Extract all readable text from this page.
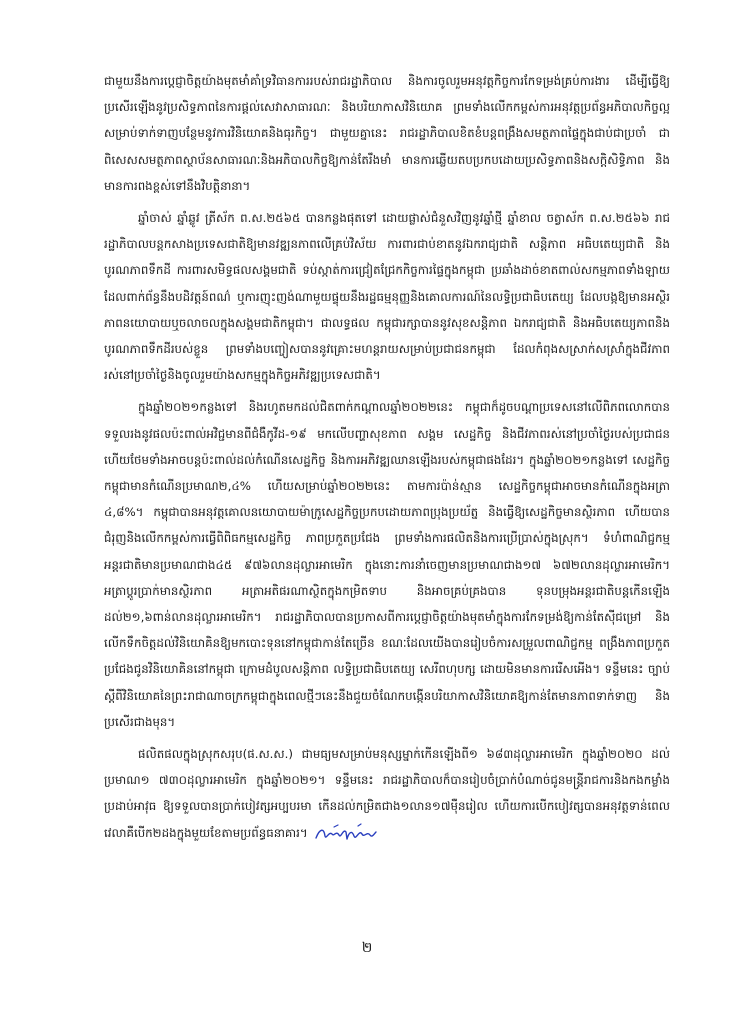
ជាមួយនឹងការប្តេជ្ញាចិត្តយ៉ាងមុតមាំគាំទ្រវិធានការរបស់រាជរដ្ឋាភិបាល និងការចូលរួមអនុវត្តកិច្ចការកែទម្រង់គ្រប់ការងារ ដើម្បីធ្វើឱ្យប្រសើរឡើងនូវប្រសិទ្ធភាពនៃការផ្តល់សេវាសាធារណៈ និងបរិយាកាសវិនិយោគ ព្រមទាំងលើកកម្ពស់ការអនុវត្តប្រព័ន្ធអភិបាលកិច្ចល្អ សម្រាប់ទាក់ទាញបន្ថែមនូវការវិនិយោគនិងធុរកិច្ច។ ជាមួយគ្នានេះ រាជរដ្ឋាភិបាលខិតខំបន្តពង្រឹងសមត្ថភាពផ្ទៃក្នុងជាប់ជាប្រចាំ ជាពិសេសសមត្ថភាពស្ថាប័នសាធារណៈនិងអភិបាលកិច្ចឱ្យកាន់តែរឹងមាំ មានការឆ្លើយតបប្រកបដោយប្រសិទ្ធភាពនិងសក្តិសិទ្ធិភាព និងមានការពងខ្ពស់ទៅនឹងវិបត្តិនានា។

ឆ្នាំចាស់ ឆ្នាំឆ្លូវ ត្រីស័ក ព.ស.២៥៦៥ បានកន្លងផុតទៅ ដោយផ្លាស់ជំនួសវិញនូវឆ្នាំថ្មី ឆ្នាំខាល ចត្វាស័ក ព.ស.២៥៦៦ រាជរដ្ឋាភិបាលបន្តកសាងប្រទេសជាតិឱ្យមានវឌ្ឍនភាពលើគ្រប់វិស័យ ការពារជាប់ខាតនូវឯករាជ្យជាតិ សន្តិភាព អធិបតេយ្យជាតិ និងបូរណភាពទឹកដី ការពារសមិទ្ធផលសង្គមជាតិ ទប់ស្កាត់ការជ្រៀតជ្រែកកិច្ចការផ្ទៃក្នុងកម្ពុជា ប្រឆាំងដាច់ខាតពាល់សកម្មភាពទាំងឡាយដែលពាក់ព័ន្ធនឹងបដិវត្តន៍ពណ៌ ឬការញុះញង់ណាមួយផ្ទុយនឹងរដ្ឋធម្មនុញ្ញនិងគោលការណ៍នៃលទ្ធិប្រជាធិបតេយ្យ ដែលបង្កឱ្យមានអស្ថិរភាពនយោបាយឬចលាចលក្នុងសង្គមជាតិកម្ពុជា។ ជាលទ្ធផល កម្ពុជារក្សាបាននូវសុខសន្តិភាព ឯករាជ្យជាតិ និងអធិបតេយ្យភាពនិងបូរណភាពទឹកដីរបស់ខ្លួន ព្រមទាំងបញ្ចៀសបាននូវគ្រោះមហន្តរាយសម្រាប់ប្រជាជនកម្ពុជា ដែលកំពុងសស្រាក់សស្រាំក្នុងជីវភាពរស់នៅប្រចាំថ្ងៃនិងចូលរួមយ៉ាងសកម្មក្នុងកិច្ចអភិវឌ្ឍប្រទេសជាតិ។

ក្នុងឆ្នាំ២០២១កន្លងទៅ និងរហូតមកដល់ជិតពាក់កណ្តាលឆ្នាំ២០២២នេះ កម្ពុជាក៏ដូចបណ្តាប្រទេសនៅលើពិភពលោកបានទទួលរងនូវផលប៉ះពាល់អវិជ្ជមានពីជំងឺកូវីដ-១៩ មកលើបញ្ហាសុខភាព សង្គម សេដ្ឋកិច្ច និងជីវភាពរស់នៅប្រចាំថ្ងៃរបស់ប្រជាជន ហើយថែមទាំងអាចបន្តប៉ះពាល់ដល់កំណើនសេដ្ឋកិច្ច និងការអភិវឌ្ឍឈានឡើងរបស់កម្ពុជាផងដែរ។ ក្នុងឆ្នាំ២០២១កន្លងទៅ សេដ្ឋកិច្ចកម្ពុជាមានកំណើនប្រមាណ២,៤% ហើយសម្រាប់ឆ្នាំ២០២២នេះ តាមការប៉ាន់ស្មាន សេដ្ឋកិច្ចកម្ពុជាអាចមានកំណើនក្នុងអត្រា ៤,៨%។ កម្ពុជាបានអនុវត្តគោលនយោបាយម៉ាក្រូសេដ្ឋកិច្ចប្រកបដោយភាពប្រុងប្រយ័ត្ន និងធ្វើឱ្យសេដ្ឋកិច្ចមានស្ថិរភាព ហើយបានជំរុញនិងលើកកម្ពស់ការធ្វើពិពិធកម្មសេដ្ឋកិច្ច ភាពប្រកួតប្រជែង ព្រមទាំងការផលិតនិងការប្រើប្រាស់ក្នុងស្រុក។ ទំហំពាណិជ្ជកម្មអន្តរជាតិមានប្រមាណជាង៤៥ ៩៧៦លានដុល្លារអាមេរិក ក្នុងនោះការនាំចេញមានប្រមាណជាង១៧ ៦៧២លានដុល្លារអាមេរិក។ អត្រាប្តូរប្រាក់មានស្ថិរភាព អត្រាអតិផរណាស្ថិតក្នុងកម្រិតទាប និងអាចគ្រប់គ្រងបាន ទុនបម្រុងអន្តរជាតិបន្តកើនឡើងដល់២១,៦ពាន់លានដុល្លារអាមេរិក។ រាជរដ្ឋាភិបាលបានប្រកាសពីការប្តេជ្ញាចិត្តយ៉ាងមុតមាំក្នុងការកែទម្រង់ឱ្យកាន់តែស៊ីជម្រៅ និងលើកទឹកចិត្តដល់វិនិយោគិនឱ្យមកបោះទុននៅកម្ពុជាកាន់តែច្រើន ខណៈដែលយើងបានរៀបចំការសម្រួលពាណិជ្ជកម្ម ពង្រឹងភាពប្រកួតប្រជែងជូនវិនិយោគិននៅកម្ពុជា ក្រោមដំបូលសន្តិភាព លទ្ធិប្រជាធិបតេយ្យ សេរីពហុបក្ស ដោយមិនមានការរើសអើង។ ទន្ទឹមនេះ ច្បាប់ស្តីពីវិនិយោគនៃព្រះរាជាណាចក្រកម្ពុជាក្នុងពេលថ្មីៗនេះនឹងជួយចំណែកបង្កើនបរិយាកាសវិនិយោគឱ្យកាន់តែមានភាពទាក់ទាញ និងប្រសើរជាងមុន។

ផលិតផលក្នុងស្រុកសរុប(ផ.ស.ស.) ជាមធ្យមសម្រាប់មនុស្សម្នាក់កើនឡើងពី១ ៦៨៣ដុល្លារអាមេរិក ក្នុងឆ្នាំ២០២០ ដល់ប្រមាណ១ ៧៣០ដុល្លារអាមេរិក ក្នុងឆ្នាំ២០២១។ ទន្ទឹមនេះ រាជរដ្ឋាភិបាលក៏បានរៀបចំប្រាក់បំណាច់ជូនមន្ត្រីរាជការនិងកងកម្លាំងប្រដាប់អាវុធ ឱ្យទទួលបានប្រាក់បៀវត្សអប្បបរមា កើនដល់កម្រិតជាង១លាន១៧ម៉ឺនរៀល ហើយការបើកបៀវត្សបានអនុវត្តទាន់ពេលវេលាគឺបើក២ដងក្នុងមួយខែតាមប្រព័ន្ធធនាគារ។

២
